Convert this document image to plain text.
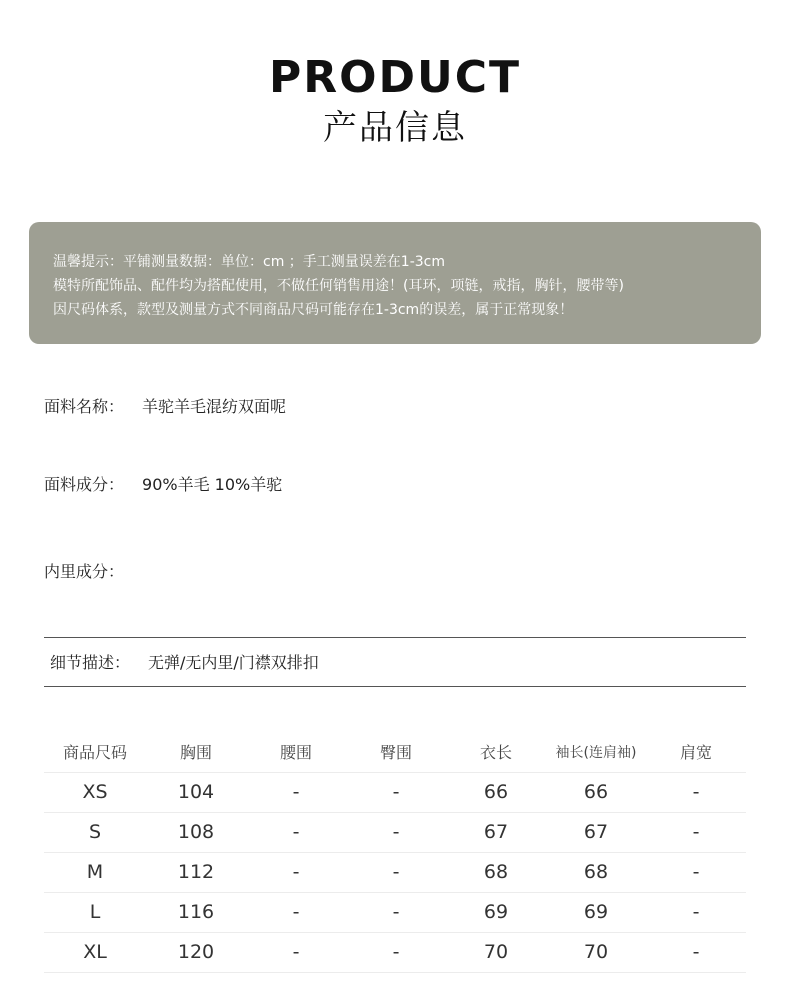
PRODUCT
产品信息

温馨提示：平铺测量数据：单位：cm ；手工测量误差在1-3cm

模特所配饰品、配件均为搭配使用，不做任何销售用途！(耳环，项链，戒指，胸针，腰带等)

因尺码体系，款型及测量方式不同商品尺码可能存在1-3cm的误差，属于正常现象！

面料名称： 羊驼羊毛混纺双面呢
面料成分： 90%羊毛 10%羊驼
内里成分：
细节描述： 无弹/无内里/门襟双排扣
商品尺码	胸围	腰围	臀围	衣长	袖长(连肩袖)	肩宽
XS	104	-	-	66	66	-
S	108	-	-	67	67	-
M	112	-	-	68	68	-
L	116	-	-	69	69	-
XL	120	-	-	70	70	-
